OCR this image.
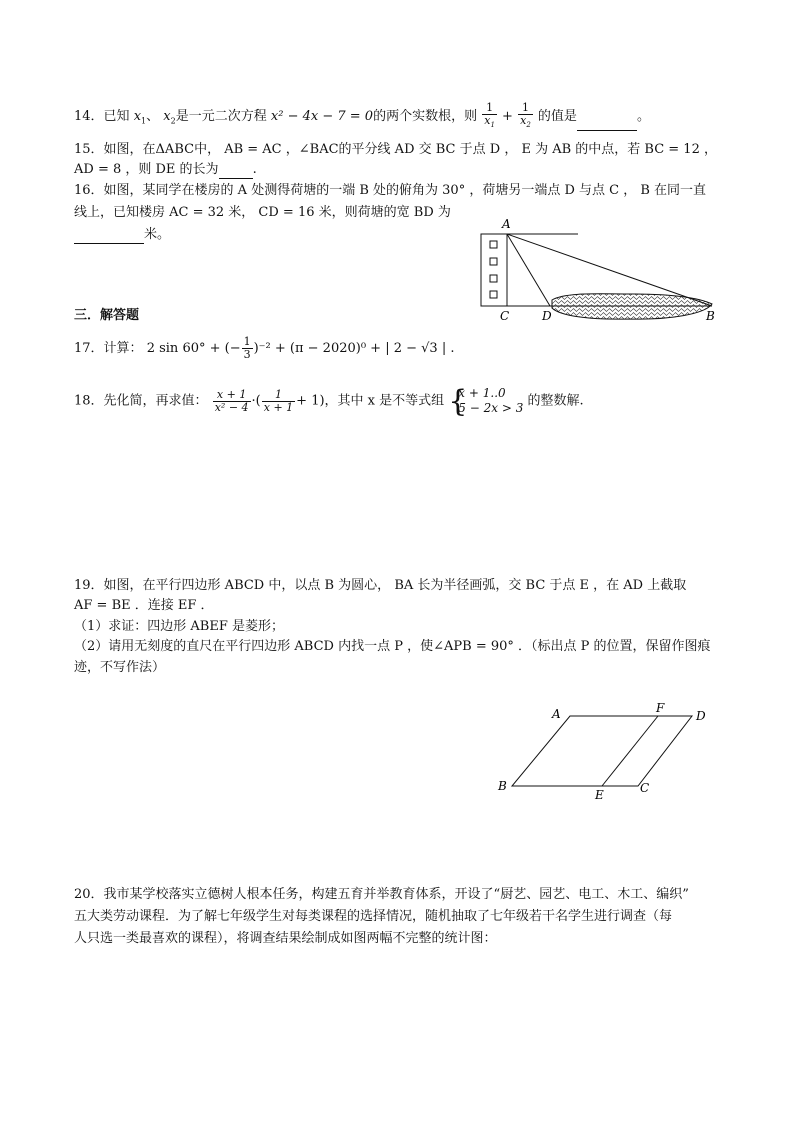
14．已知 $x_1$、 $x_2$是一元二次方程 x² − 4x − 7 = 0的两个实数根，则 $\frac{1}{x_1} + \frac{1}{x_2}$ 的值是	。
15．如图，在ΔABC中， AB = AC ，∠BAC的平分线 AD 交 BC 于点 D ， E 为 AB 的中点，若 BC = 12 ，
AD = 8 ，则 DE 的长为	.
16．如图，某同学在楼房的 A 处测得荷塘的一端 B 处的俯角为 30° ，荷塘另一端点 D 与点 C ， B 在同一直
线上，已知楼房 AC = 32 米， CD = 16 米，则荷塘的宽 BD 为
米。
A
C	D	B
三．解答题
17．计算： 2 sin 60° + (− $\frac{1}{3} )^{-2} + (\pi - 2020)^0$ + | 2 − √3 | .
18．先化简，再求值： $\frac{x + 1}{\text{x² − 4}}$ ·( $\frac{1}{x + 1} + 1$)，其中 x 是不等式组 {
x + 1..0
5 − 2x > 3 的整数解.
19．如图，在平行四边形 ABCD 中，以点 B 为圆心， BA 长为半径画弧，交 BC 于点 E ，在 AD 上截取
AF = BE ．连接 EF ．
（1）求证：四边形 ABEF 是菱形；
（2）请用无刻度的直尺在平行四边形 ABCD 内找一点 P ，使∠APB = 90° ．（标出点 P 的位置，保留作图痕
迹，不写作法）
A	F
D
B
E	C
20．我市某学校落实立德树人根本任务，构建五育并举教育体系，开设了“厨艺、园艺、电工、木工、编织”
五大类劳动课程．为了解七年级学生对每类课程的选择情况，随机抽取了七年级若干名学生进行调查（每
人只选一类最喜欢的课程），将调查结果绘制成如图两幅不完整的统计图：
